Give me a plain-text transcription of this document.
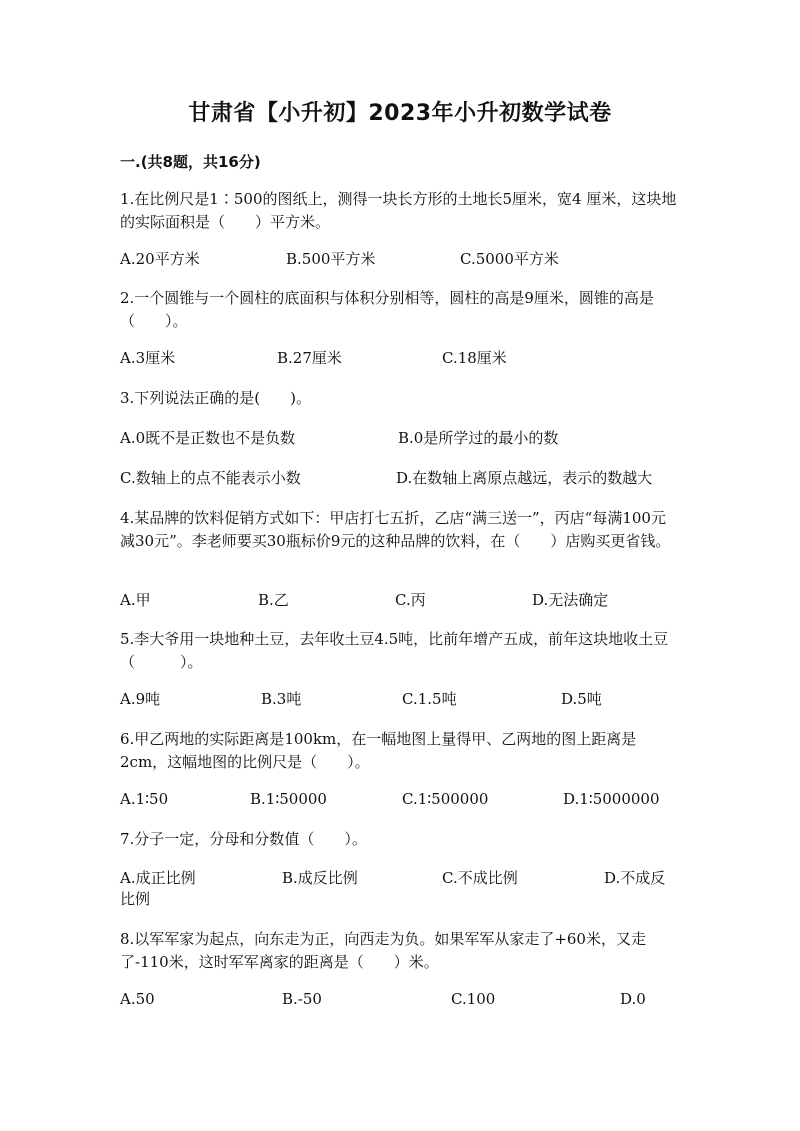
甘肃省【小升初】2023年小升初数学试卷
一.(共8题，共16分)
1.在比例尺是1∶500的图纸上，测得一块长方形的土地长5厘米，宽4 厘米，这块地的实际面积是（　　）平方米。
A.20平方米	B.500平方米	C.5000平方米
2.一个圆锥与一个圆柱的底面积与体积分别相等，圆柱的高是9厘米，圆锥的高是（　　）。
A.3厘米	B.27厘米	C.18厘米
3.下列说法正确的是(　　)。
A.0既不是正数也不是负数	B.0是所学过的最小的数
C.数轴上的点不能表示小数	D.在数轴上离原点越远，表示的数越大
4.某品牌的饮料促销方式如下：甲店打七五折，乙店“满三送一”，丙店“每满100元减30元”。李老师要买30瓶标价9元的这种品牌的饮料，在（　　）店购买更省钱。
A.甲	B.乙	C.丙	D.无法确定
5.李大爷用一块地种土豆，去年收土豆4.5吨，比前年增产五成，前年这块地收土豆（　　　）。
A.9吨	B.3吨	C.1.5吨	D.5吨
6.甲乙两地的实际距离是100km，在一幅地图上量得甲、乙两地的图上距离是2cm，这幅地图的比例尺是（　　）。
A.1∶50	B.1∶50000	C.1∶500000	D.1∶5000000
7.分子一定，分母和分数值（　　）。
A.成正比例	B.成反比例	C.不成比例	D.不成反比例
8.以军军家为起点，向东走为正，向西走为负。如果军军从家走了+60米，又走了-110米，这时军军离家的距离是（　　）米。
A.50	B.-50	C.100	D.0
